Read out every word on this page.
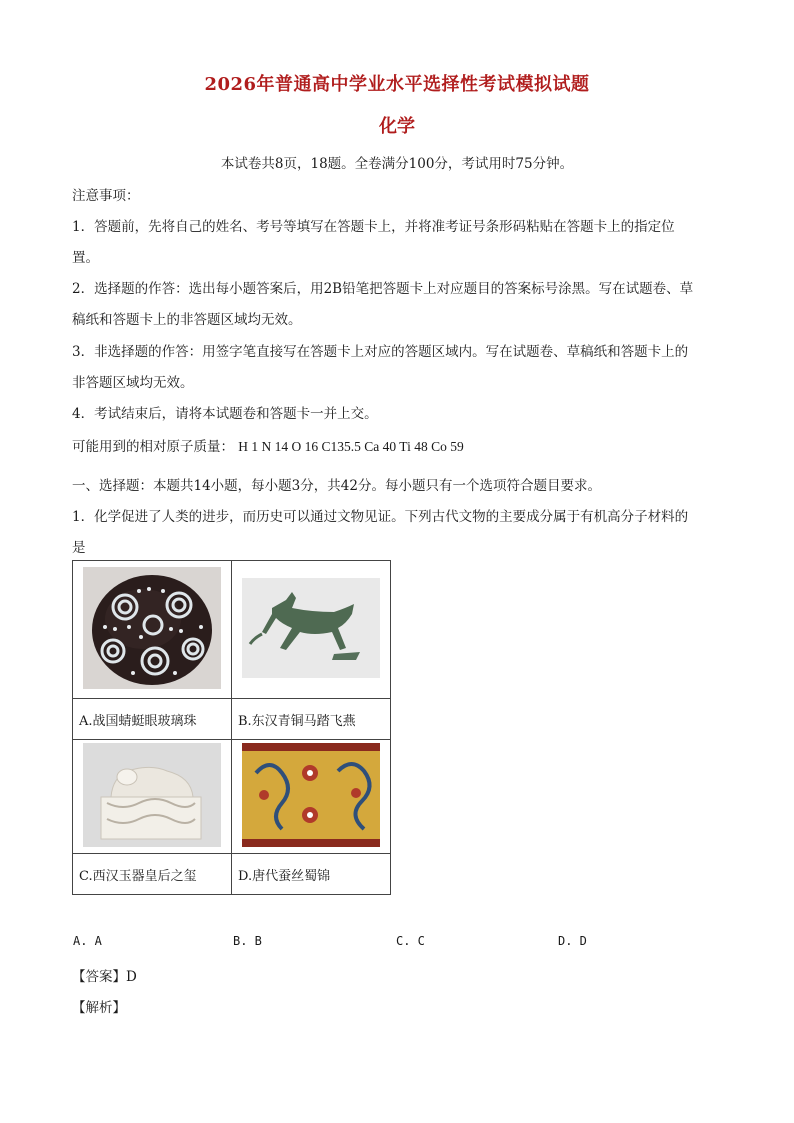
2026年普通高中学业水平选择性考试模拟试题
化学
本试卷共8页，18题。全卷满分100分，考试用时75分钟。
注意事项：
1．答题前，先将自己的姓名、考号等填写在答题卡上，并将准考证号条形码粘贴在答题卡上的指定位
置。
2．选择题的作答：选出每小题答案后，用2B铅笔把答题卡上对应题目的答案标号涂黑。写在试题卷、草
稿纸和答题卡上的非答题区域均无效。
3．非选择题的作答：用签字笔直接写在答题卡上对应的答题区域内。写在试题卷、草稿纸和答题卡上的
非答题区域均无效。
4．考试结束后，请将本试题卷和答题卡一并上交。
可能用到的相对原子质量： H 1 N 14 O 16 C135.5 Ca 40 Ti 48 Co 59
一、选择题：本题共14小题，每小题3分，共42分。每小题只有一个选项符合题目要求。
1．化学促进了人类的进步，而历史可以通过文物见证。下列古代文物的主要成分属于有机高分子材料的
是

A.战国蜻蜓眼玻璃珠	B.东汉青铜马踏飞燕

C.西汉玉器皇后之玺	D.唐代蚕丝蜀锦
A. A	B. B	C. C	D. D
【答案】D
【解析】
